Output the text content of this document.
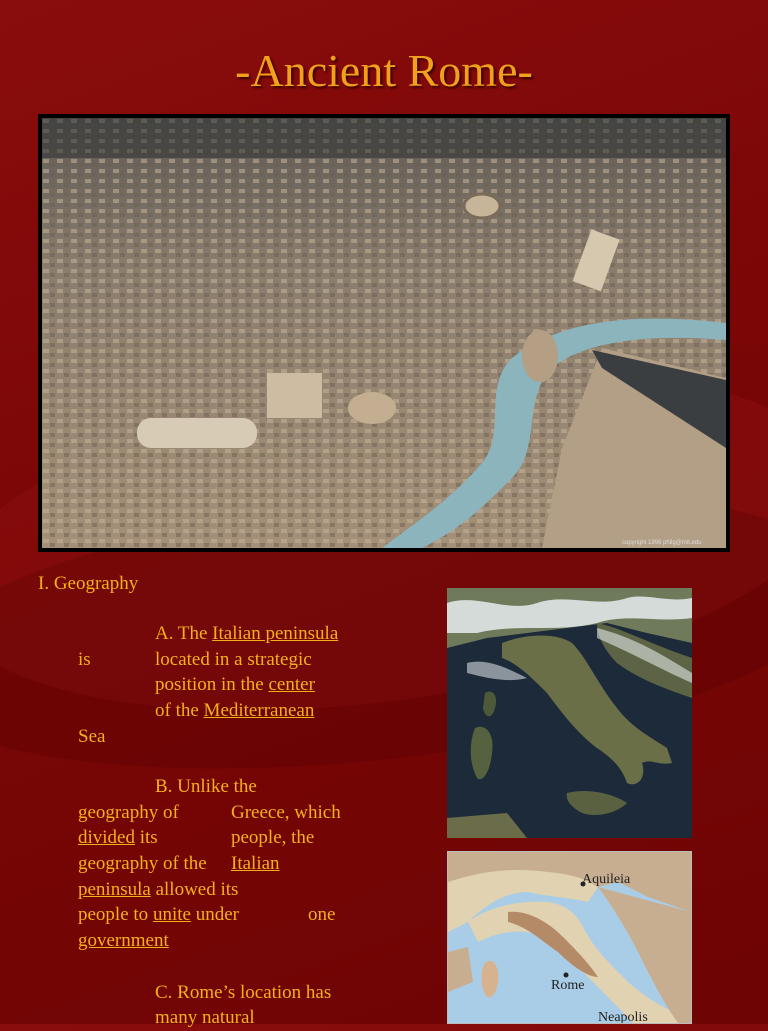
-Ancient Rome-
copyright 1996 philg@mit.edu
I. Geography
A. The Italian peninsula
is	located in a strategic
position in the center
of the Mediterranean
Sea
B. Unlike the
geography of	Greece, which
divided its	people, the
geography of the Italian
peninsula allowed its
people to unite under	one
government
C. Rome’s location has
many natural
Aquileia
Rome
Neapolis
